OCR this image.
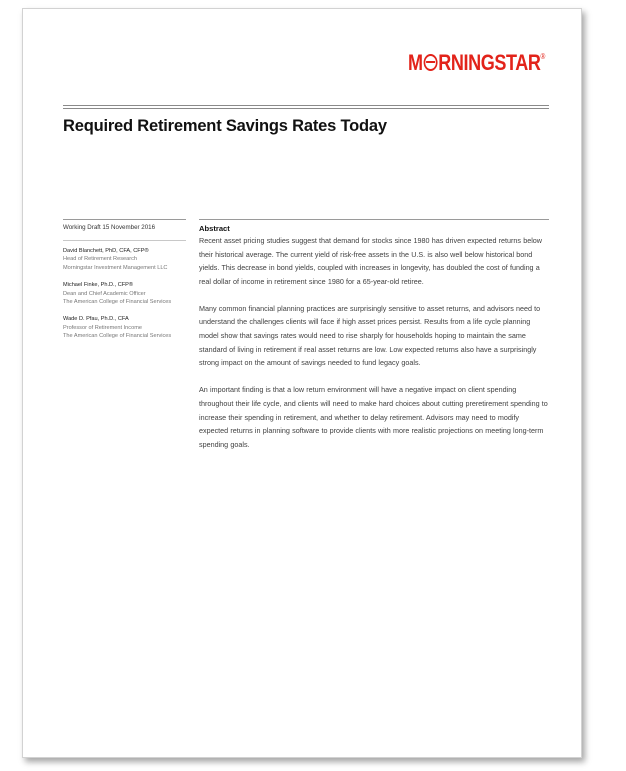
M RNINGSTAR®
Required Retirement Savings Rates Today
Working Draft 15 November 2016
David Blanchett, PhD, CFA, CFP®
Head of Retirement Research
Morningstar Investment Management LLC
Michael Finke, Ph.D., CFP®
Dean and Chief Academic Officer
The American College of Financial Services
Wade D. Pfau, Ph.D., CFA
Professor of Retirement Income
The American College of Financial Services
Abstract

Recent asset pricing studies suggest that demand for stocks since 1980 has driven expected returns below their historical average. The current yield of risk-free assets in the U.S. is also well below historical bond yields. This decrease in bond yields, coupled with increases in longevity, has doubled the cost of funding a real dollar of income in retirement since 1980 for a 65-year-old retiree.

Many common financial planning practices are surprisingly sensitive to asset returns, and advisors need to understand the challenges clients will face if high asset prices persist. Results from a life cycle planning model show that savings rates would need to rise sharply for households hoping to maintain the same standard of living in retirement if real asset returns are low. Low expected returns also have a surprisingly strong impact on the amount of savings needed to fund legacy goals.

An important finding is that a low return environment will have a negative impact on client spending throughout their life cycle, and clients will need to make hard choices about cutting preretirement spending to increase their spending in retirement, and whether to delay retirement. Advisors may need to modify expected returns in planning software to provide clients with more realistic projections on meeting long-term spending goals.
